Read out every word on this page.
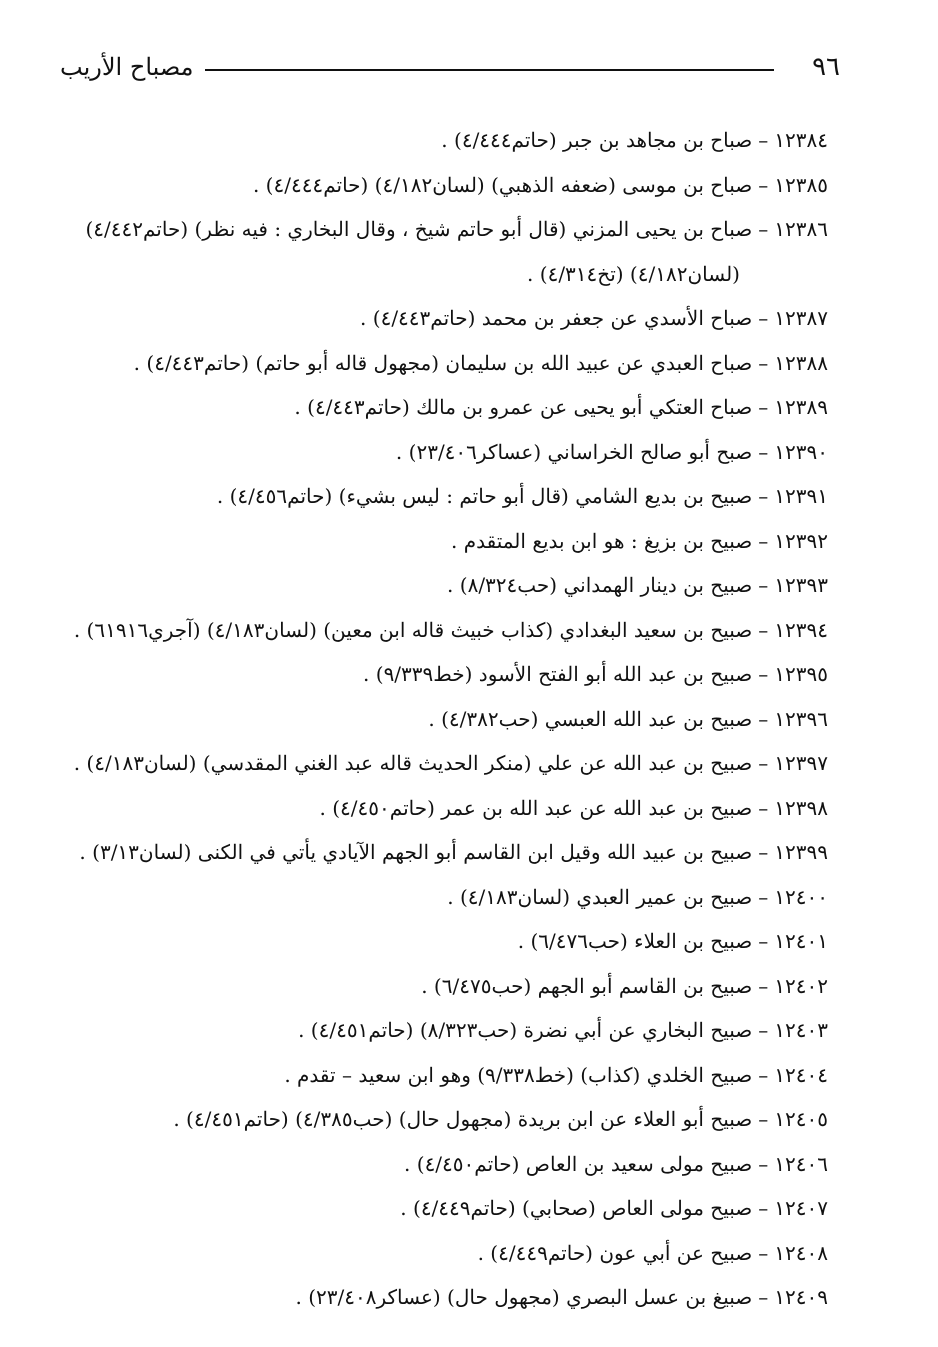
٩٦
مصباح الأريب
١٢٣٨٤–صباح بن مجاهد بن جبر (حاتم٤/٤٤٤) .
١٢٣٨٥–صباح بن موسى (ضعفه الذهبي) (لسان٤/١٨٢) (حاتم٤/٤٤٤) .
١٢٣٨٦–صباح بن يحيى المزني (قال أبو حاتم شيخ ، وقال البخاري : فيه نظر) (حاتم٤/٤٤٢)
(لسان٤/١٨٢) (تخ٤/٣١٤) .
١٢٣٨٧–صباح الأسدي عن جعفر بن محمد (حاتم٤/٤٤٣) .
١٢٣٨٨–صباح العبدي عن عبيد الله بن سليمان (مجهول قاله أبو حاتم) (حاتم٤/٤٤٣) .
١٢٣٨٩–صباح العتكي أبو يحيى عن عمرو بن مالك (حاتم٤/٤٤٣) .
١٢٣٩٠–صبح أبو صالح الخراساني (عساكر٢٣/٤٠٦) .
١٢٣٩١–صبيح بن بديع الشامي (قال أبو حاتم : ليس بشيء) (حاتم٤/٤٥٦) .
١٢٣٩٢–صبيح بن بزيغ : هو ابن بديع المتقدم .
١٢٣٩٣–صبيح بن دينار الهمداني (حب٨/٣٢٤) .
١٢٣٩٤–صبيح بن سعيد البغدادي (كذاب خبيث قاله ابن معين) (لسان٤/١٨٣) (آجري٦١٩١٦) .
١٢٣٩٥–صبيح بن عبد الله أبو الفتح الأسود (خط٩/٣٣٩) .
١٢٣٩٦–صبيح بن عبد الله العبسي (حب٤/٣٨٢) .
١٢٣٩٧–صبيح بن عبد الله عن علي (منكر الحديث قاله عبد الغني المقدسي) (لسان٤/١٨٣) .
١٢٣٩٨–صبيح بن عبد الله عن عبد الله بن عمر (حاتم٤/٤٥٠) .
١٢٣٩٩–صبيح بن عبيد الله وقيل ابن القاسم أبو الجهم الآيادي يأتي في الكنى (لسان٣/١٣) .
١٢٤٠٠–صبيح بن عمير العبدي (لسان٤/١٨٣) .
١٢٤٠١–صبيح بن العلاء (حب٦/٤٧٦) .
١٢٤٠٢–صبيح بن القاسم أبو الجهم (حب٦/٤٧٥) .
١٢٤٠٣–صبيح البخاري عن أبي نضرة (حب٨/٣٢٣) (حاتم٤/٤٥١) .
١٢٤٠٤–صبيح الخلدي (كذاب) (خط٩/٣٣٨) وهو ابن سعيد – تقدم .
١٢٤٠٥–صبيح أبو العلاء عن ابن بريدة (مجهول حال) (حب٤/٣٨٥) (حاتم٤/٤٥١) .
١٢٤٠٦–صبيح مولى سعيد بن العاص (حاتم٤/٤٥٠) .
١٢٤٠٧–صبيح مولى العاص (صحابي) (حاتم٤/٤٤٩) .
١٢٤٠٨–صبيح عن أبي عون (حاتم٤/٤٤٩) .
١٢٤٠٩–صبيغ بن عسل البصري (مجهول حال) (عساكر٢٣/٤٠٨) .
